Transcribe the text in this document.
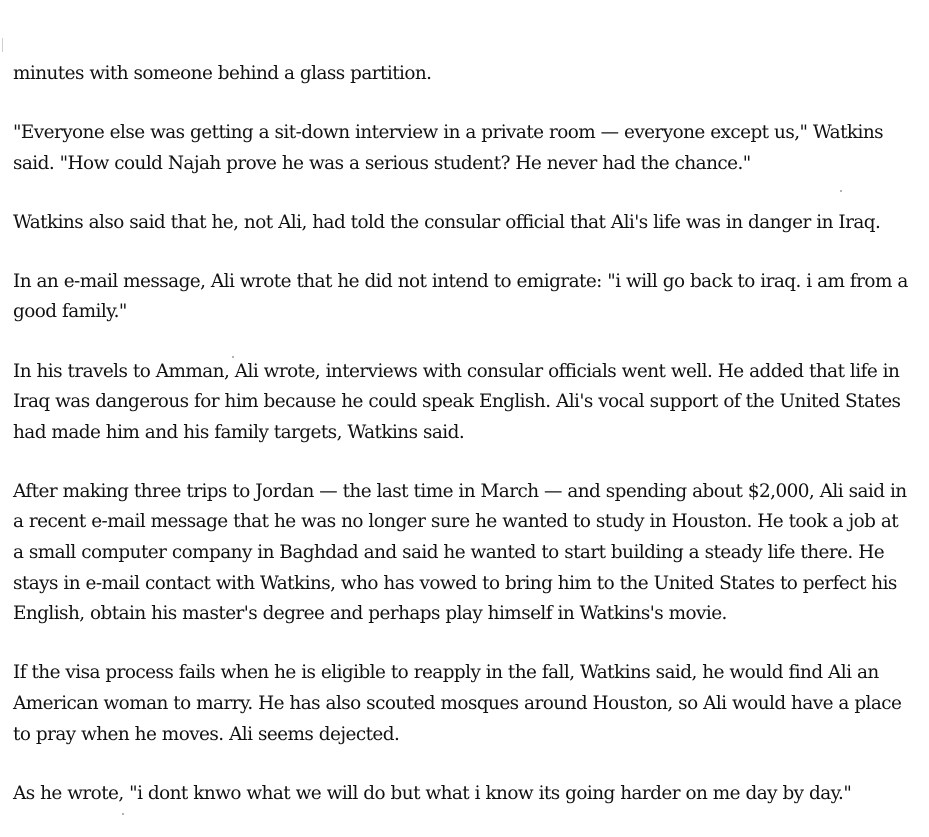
minutes with someone behind a glass partition.

"Everyone else was getting a sit-down interview in a private room — everyone except us," Watkins said. "How could Najah prove he was a serious student? He never had the chance."

Watkins also said that he, not Ali, had told the consular official that Ali's life was in danger in Iraq.

In an e-mail message, Ali wrote that he did not intend to emigrate: "i will go back to iraq. i am from a good family."

In his travels to Amman, Ali wrote, interviews with consular officials went well. He added that life in Iraq was dangerous for him because he could speak English. Ali's vocal support of the United States had made him and his family targets, Watkins said.

After making three trips to Jordan — the last time in March — and spending about $2,000, Ali said in a recent e-mail message that he was no longer sure he wanted to study in Houston. He took a job at a small computer company in Baghdad and said he wanted to start building a steady life there. He stays in e-mail contact with Watkins, who has vowed to bring him to the United States to perfect his English, obtain his master's degree and perhaps play himself in Watkins's movie.

If the visa process fails when he is eligible to reapply in the fall, Watkins said, he would find Ali an American woman to marry. He has also scouted mosques around Houston, so Ali would have a place to pray when he moves. Ali seems dejected.

As he wrote, "i dont knwo what we will do but what i know its going harder on me day by day."
